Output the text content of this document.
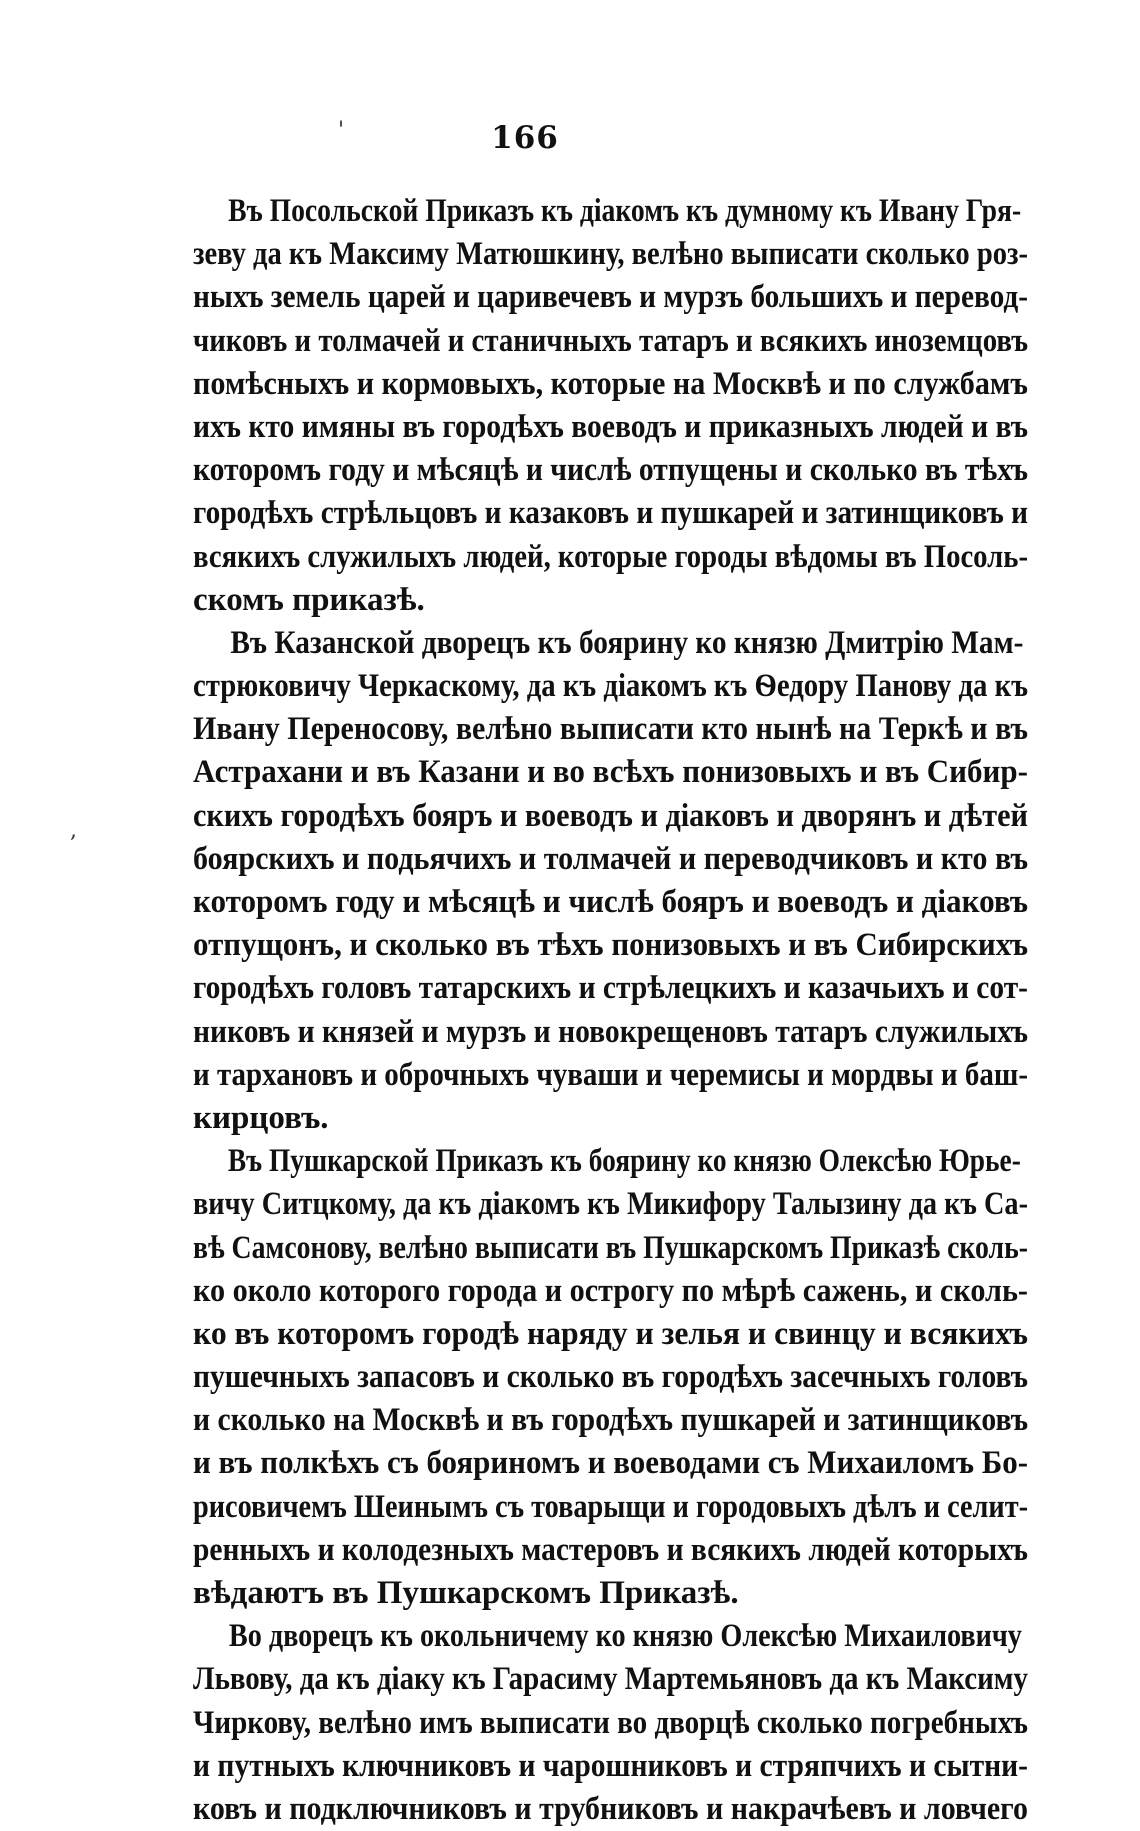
166
'
,
Въ Посольской Приказъ къ діакомъ къ думному къ Ивану Гря-
зеву да къ Максиму Матюшкину, велѣно выписати сколько роз-
ныхъ земель царей и царивечевъ и мурзъ большихъ и перевод-
чиковъ и толмачей и станичныхъ татаръ и всякихъ иноземцовъ
помѣсныхъ и кормовыхъ, которые на Москвѣ и по службамъ
ихъ кто имяны въ городѣхъ воеводъ и приказныхъ людей и въ
которомъ году и мѣсяцѣ и числѣ отпущены и сколько въ тѣхъ
городѣхъ стрѣльцовъ и казаковъ и пушкарей и затинщиковъ и
всякихъ служилыхъ людей, которые городы вѣдомы въ Посоль-
скомъ приказѣ.
Въ Казанской дворецъ къ боярину ко князю Дмитрію Мам-
стрюковичу Черкаскому, да къ діакомъ къ Ѳедору Панову да къ
Ивану Переносову, велѣно выписати кто нынѣ на Теркѣ и въ
Астрахани и въ Казани и во всѣхъ понизовыхъ и въ Сибир-
скихъ городѣхъ бояръ и воеводъ и діаковъ и дворянъ и дѣтей
боярскихъ и подьячихъ и толмачей и переводчиковъ и кто въ
которомъ году и мѣсяцѣ и числѣ бояръ и воеводъ и діаковъ
отпущонъ, и сколько въ тѣхъ понизовыхъ и въ Сибирскихъ
городѣхъ головъ татарскихъ и стрѣлецкихъ и казачьихъ и сот-
никовъ и князей и мурзъ и новокрещеновъ татаръ служилыхъ
и тархановъ и оброчныхъ чуваши и черемисы и мордвы и баш-
кирцовъ.
Въ Пушкарской Приказъ къ боярину ко князю Олексѣю Юрье-
вичу Ситцкому, да къ діакомъ къ Микифору Талызину да къ Са-
вѣ Самсонову, велѣно выписати въ Пушкарскомъ Приказѣ сколь-
ко около которого города и острогу по мѣрѣ сажень, и сколь-
ко въ которомъ городѣ наряду и зелья и свинцу и всякихъ
пушечныхъ запасовъ и сколько въ городѣхъ засечныхъ головъ
и сколько на Москвѣ и въ городѣхъ пушкарей и затинщиковъ
и въ полкѣхъ съ бояриномъ и воеводами съ Михаиломъ Бо-
рисовичемъ Шеинымъ съ товарыщи и городовыхъ дѣлъ и селит-
ренныхъ и колодезныхъ мастеровъ и всякихъ людей которыхъ
вѣдаютъ въ Пушкарскомъ Приказѣ.
Во дворецъ къ окольничему ко князю Олексѣю Михаиловичу
Львову, да къ діаку къ Гарасиму Мартемьяновъ да къ Максиму
Чиркову, велѣно имъ выписати во дворцѣ сколько погребныхъ
и путныхъ ключниковъ и чарошниковъ и стряпчихъ и сытни-
ковъ и подключниковъ и трубниковъ и накрачѣевъ и ловчего
